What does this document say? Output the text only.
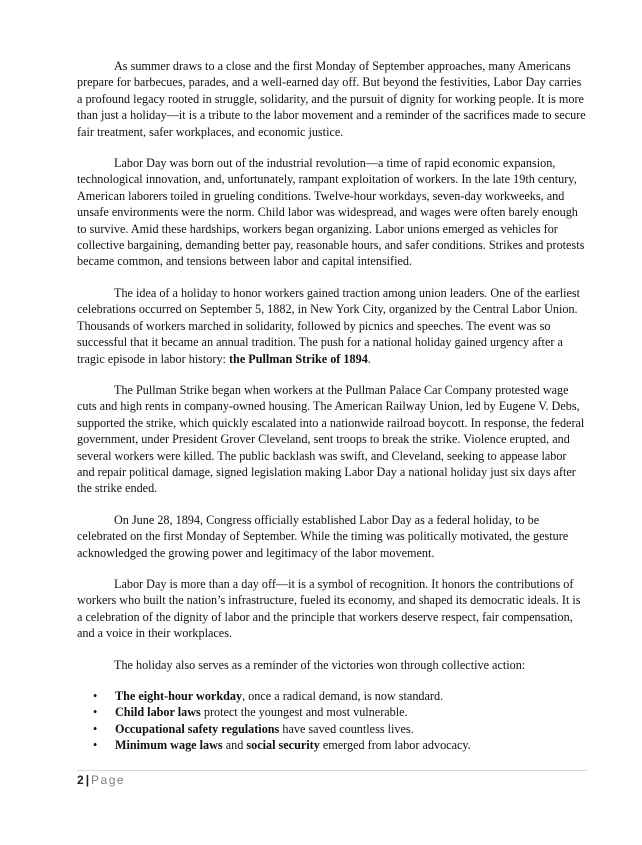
As summer draws to a close and the first Monday of September approaches, many Americans prepare for barbecues, parades, and a well-earned day off. But beyond the festivities, Labor Day carries a profound legacy rooted in struggle, solidarity, and the pursuit of dignity for working people. It is more than just a holiday—it is a tribute to the labor movement and a reminder of the sacrifices made to secure fair treatment, safer workplaces, and economic justice.

Labor Day was born out of the industrial revolution—a time of rapid economic expansion, technological innovation, and, unfortunately, rampant exploitation of workers. In the late 19th century, American laborers toiled in grueling conditions. Twelve-hour workdays, seven-day workweeks, and unsafe environments were the norm. Child labor was widespread, and wages were often barely enough to survive. Amid these hardships, workers began organizing. Labor unions emerged as vehicles for collective bargaining, demanding better pay, reasonable hours, and safer conditions. Strikes and protests became common, and tensions between labor and capital intensified.

The idea of a holiday to honor workers gained traction among union leaders. One of the earliest celebrations occurred on September 5, 1882, in New York City, organized by the Central Labor Union. Thousands of workers marched in solidarity, followed by picnics and speeches. The event was so successful that it became an annual tradition. The push for a national holiday gained urgency after a tragic episode in labor history: the Pullman Strike of 1894.

The Pullman Strike began when workers at the Pullman Palace Car Company protested wage cuts and high rents in company-owned housing. The American Railway Union, led by Eugene V. Debs, supported the strike, which quickly escalated into a nationwide railroad boycott. In response, the federal government, under President Grover Cleveland, sent troops to break the strike. Violence erupted, and several workers were killed. The public backlash was swift, and Cleveland, seeking to appease labor and repair political damage, signed legislation making Labor Day a national holiday just six days after the strike ended.

On June 28, 1894, Congress officially established Labor Day as a federal holiday, to be celebrated on the first Monday of September. While the timing was politically motivated, the gesture acknowledged the growing power and legitimacy of the labor movement.

Labor Day is more than a day off—it is a symbol of recognition. It honors the contributions of workers who built the nation’s infrastructure, fueled its economy, and shaped its democratic ideals. It is a celebration of the dignity of labor and the principle that workers deserve respect, fair compensation, and a voice in their workplaces.

The holiday also serves as a reminder of the victories won through collective action:

• The eight-hour workday, once a radical demand, is now standard.
• Child labor laws protect the youngest and most vulnerable.
• Occupational safety regulations have saved countless lives.
• Minimum wage laws and social security emerged from labor advocacy.
2 | Page
